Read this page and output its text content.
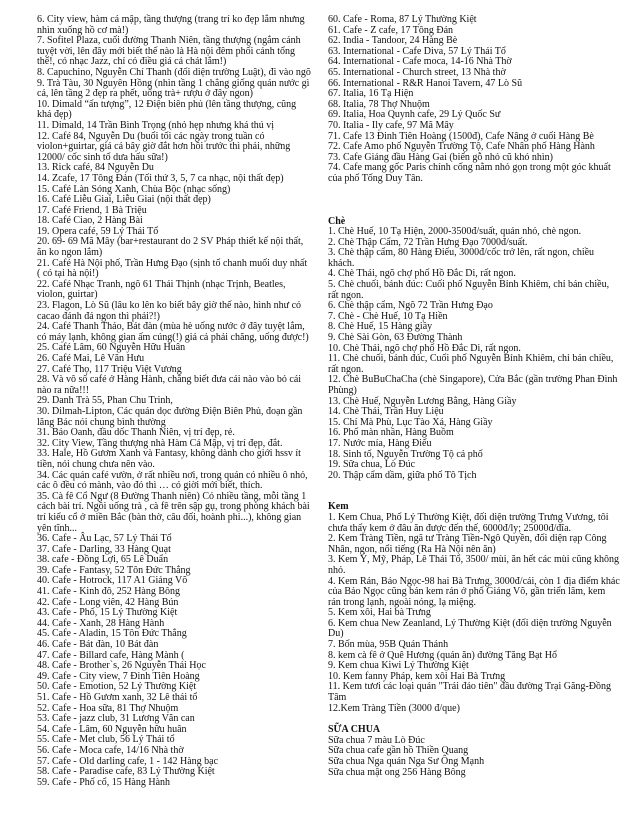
6. City view, hàm cá mập, tầng thượng (trang trí ko đẹp lắm nhưng nhìn xuống hồ cơ mà!)
7. Sofitel Plaza, cuối đường Thanh Niên, tầng thượng (ngắm cảnh tuyệt vời, lên đây mới biết thế nào là Hà nội đêm phối cảnh tổng thể!, có nhạc Jazz, chỉ có điều giá cả chát lắm!)
8. Capuchino, Nguyễn Chí Thanh (đối diện trường Luật), đi vào ngõ
9. Trà Tàu, 30 Nguyên Hồng (nhìn tầng 1 chẳng giống quán nước gì cả, lên tầng 2 đẹp ra phết, uống trà+ rượu ở đây ngon)
10. Dimald “ấn tượng”, 12 Điện biên phủ (lên tầng thượng, cũng khá đẹp)
11. Dimald, 14 Trần Bình Trọng (nhỏ hẹp nhưng khá thú vị
12. Café 84, Nguyễn Du (buổi tối các ngày trong tuần có violon+guirtar, giá cả bây giờ đắt hơn hồi trước thì phải, những 12000/ cốc sinh tố dưa hấu sữa!)
13. Rick café, 84 Nguyễn Du
14. Zcafe, 17 Tông Đản (Tối thứ 3, 5, 7 ca nhạc, nội thất đẹp)
15. Café Làn Sóng Xanh, Chùa Bộc (nhạc sống)
16. Café Liễu Giai, Liễu Giai (nội thất đẹp)
17. Café Friend, 1 Bà Triệu
18. Café Ciao, 2 Hàng Bài
19. Opera café, 59 Lý Thái Tổ
20. 69- 69 Mã Mây (bar+restaurant do 2 SV Pháp thiết kế nội thất, ăn ko ngon lắm)
21. Café Hà Nội phố, Trần Hưng Đạo (sịnh tố chanh muối duy nhất ( có tại hà nội!)
22. Café Nhạc Tranh, ngõ 61 Thái Thịnh (nhạc Trịnh, Beatles, violon, guirtar)
23. Flagon, Lò Sũ (lâu ko lên ko biết bây giờ thế nào, hình như có cacao đánh đá ngon thì phải?!)
24. Café Thanh Thảo, Bát đàn (mùa hè uống nước ở đây tuyệt lắm, có máy lạnh, không gian ấm cúng(!) giá cả phải chăng, uống được!)
25. Café Lâm, 60 Nguyễn Hữu Huân
26. Café Mai, Lê Văn Hưu
27. Café Thọ, 117 Triệu Việt Vương
28. Và vô số café ở Hàng Hành, chẳng biết đưa cái nào vào bỏ cái nào ra nữa!!!
29. Danh Trà 55, Phan Chu Trinh,
30. Dilmah-Lipton, Các quán dọc đường Điện Biên Phủ, đoạn gần lăng Bác nói chung bình thường
31. Bảo Oanh, đầu dốc Thanh Niên, vị trí đẹp, rẻ.
32. City View, Tầng thượng nhà Hàm Cá Mập, vị trí đẹp, đắt.
33. Hale, Hồ Gươm Xanh và Fantasy, không dành cho giới hssv ít tiền, nói chung chưa nên vào.
34. Các quán café vườn, ở rất nhiều nơi, trong quán có nhiều ô nhỏ, các ô đều có mành, vào đó thì … có giời mới biết, thích.
35. Cà fê Cổ Ngư (8 Đường Thanh niên) Có nhiều tầng, mỗi tầng 1 cách bài trí. Ngồi uống trà , cà fê trên sập gụ, trong phòng khách bài trí kiểu cổ ở miền Bắc (bàn thờ, câu đối, hoành phi...), không gian yên tĩnh...
36. Cafe - Âu Lạc, 57 Lý Thái Tổ
37. Cafe - Darling, 33 Hàng Quạt
38. cafe - Đồng Lợi, 65 Lê Duẩn
39. Cafe - Fantasy, 52 Tôn Đức Thắng
40. Cafe - Hotrock, 117 A1 Giảng Võ
41. Cafe - Kinh đô, 252 Hàng Bông
42. Cafe - Long viên, 42 Hàng Bún
43. Cafe - Phố, 15 Lý Thường Kiệt
44. Cafe - Xanh, 28 Hàng Hành
45. Cafe - Aladin, 15 Tôn Đức Thắng
46. Cafe - Bát đàn, 10 Bát đàn
47. Cafe - Billard cafe, Hàng Mành (
48. Cafe - Brother`s, 26 Nguyễn Thái Học
49. Cafe - City view, 7 Đinh Tiên Hoàng
50. Cafe - Emotion, 52 Lý Thường Kiệt
51. Cafe - Hồ Gươm xanh, 32 Lê thái tổ
52. Cafe - Hoa sữa, 81 Thợ Nhuộm
53. Cafe - jazz club, 31 Lương Văn can
54. Cafe - Lâm, 60 Nguyễn hữu huân
55. Cafe - Met club, 56 Lý Thái tổ
56. Cafe - Moca cafe, 14/16 Nhà thờ
57. Cafe - Old darling cafe, 1 - 142 Hàng bạc
58. Cafe - Paradise cafe, 83 Lý Thường Kiệt
59. Cafe - Phố cổ, 15 Hàng Hành
60. Cafe - Roma, 87 Lý Thường Kiệt
61. Cafe - Z cafe, 17 Tông Đản
62. India - Tandoor, 24 Hàng Bè
63. International - Cafe Diva, 57 Lý Thái Tổ
64. International - Cafe moca, 14-16 Nhà Thờ
65. International - Church street, 13 Nhà thờ
66. International - R&R Hanoi Tavern, 47 Lò Sũ
67. Italia, 16 Tạ Hiện
68. Italia, 78 Thợ Nhuộm
69. Italia, Hoa Quynh cafe, 29 Lý Quốc Sư
70. Italia - Ily cafe, 97 Mã Mây
71. Cafe 13 Đinh Tiên Hoàng (1500đ), Cafe Nâng ở cuối Hàng Bè
72. Cafe Amo phố Nguyễn Trường Tộ, Cafe Nhân phố Hàng Hành
73. Cafe Giảng đầu Hàng Gai (biển gỗ nhỏ cũ khó nhìn)
74. Cafe mang gốc Paris chính cống nằm nhỏ gọn trong một góc khuất của phố Tống Duy Tân.
Chè
1. Chè Huế, 10 Tạ Hiện, 2000-3500đ/suất, quán nhỏ, chè ngon.
2. Chè Thập Cẩm, 72 Trần Hưng Đạo 7000đ/suất.
3. Chè thập cẩm, 80 Hàng Điếu, 3000đ/cốc trở lên, rất ngon, chiều khách.
4. Chè Thái, ngõ chợ phố Hồ Đắc Di, rất ngon.
5. Chè chuối, bánh đúc: Cuối phố Nguyễn Bỉnh Khiêm, chỉ bán chiều, rất ngon.
6. Chè thập cẩm, Ngõ 72 Trần Hưng Đạo
7. Chè - Chè Huế, 10 Tạ Hiền
8. Chè Huế, 15 Hàng giầy
9. Chè Sài Gòn, 63 Đường Thành
10. Chè Thái, ngõ chợ phố Hồ Đắc Di, rất ngon.
11. Chè chuối, bánh đúc, Cuối phố Nguyễn Bỉnh Khiêm, chỉ bán chiều, rất ngon.
12. Chè BuBuChaCha (chè Singapore), Cửa Bắc (gần trường Phan Đình Phùng)
13. Chè Huế, Nguyễn Lương Bằng, Hàng Giầy
14. Chè Thái, Trần Huy Liệu
15. Chí Mà Phù, Lục Tào Xá, Hàng Giầy
16. Phố màn nhần, Hàng Buồm
17. Nước mía, Hàng Điếu
18. Sinh tố, Nguyễn Trường Tộ cả phố
19. Sữa chua, Lò Đúc
20. Thập cẩm dầm, giữa phố Tô Tịch
Kem
1. Kem Chua, Phố Lý Thường Kiệt, đối diện trường Trưng Vương, tôi chưa thấy kem ở đâu ăn được đến thế, 6000đ/ly; 25000đ/đĩa.
2. Kem Tràng Tiền, ngã tư Tràng Tiền-Ngô Quyền, đối diện rạp Công Nhân, ngon, nổi tiếng (Ra Hà Nội nên ăn)
3. Kem Ý, Mỹ, Pháp, Lê Thái Tổ, 3500/ mùi, ăn hết các mùi cũng không nhỏ.
4. Kem Rán, Bảo Ngọc-98 hai Bà Trưng, 3000đ/cái, còn 1 địa điểm khác của Bảo Ngọc cũng bán kem rán ở phố Giảng Võ, gần triển lãm, kem rán trong lạnh, ngoài nóng, lạ miệng.
5. Kem xôi, Hai bà Trưng
6. Kem chua New Zeanland, Lý Thường Kiệt (đối diện trường Nguyễn Du)
7. Bốn mùa, 95B Quán Thánh
8. kem cà fê ở Quê Hương (quán ăn) đường Tăng Bạt Hổ
9. Kem chua Kiwi Lý Thường Kiệt
10. Kem fanny Pháp, kem xôi Hai Bà Trưng
11. Kem tươi các loại quán "Trái đảo tiên" đầu đường Trại Găng-Đồng Tâm
12.Kem Tràng Tiền (3000 đ/que)
SỮA CHUA
Sữa chua 7 màu Lò Đúc
Sữa chua cafe gần hồ Thiền Quang
Sữa chua Nga quán Nga Sư Ông Mạnh
Sữa chua mật ong 256 Hàng Bông
